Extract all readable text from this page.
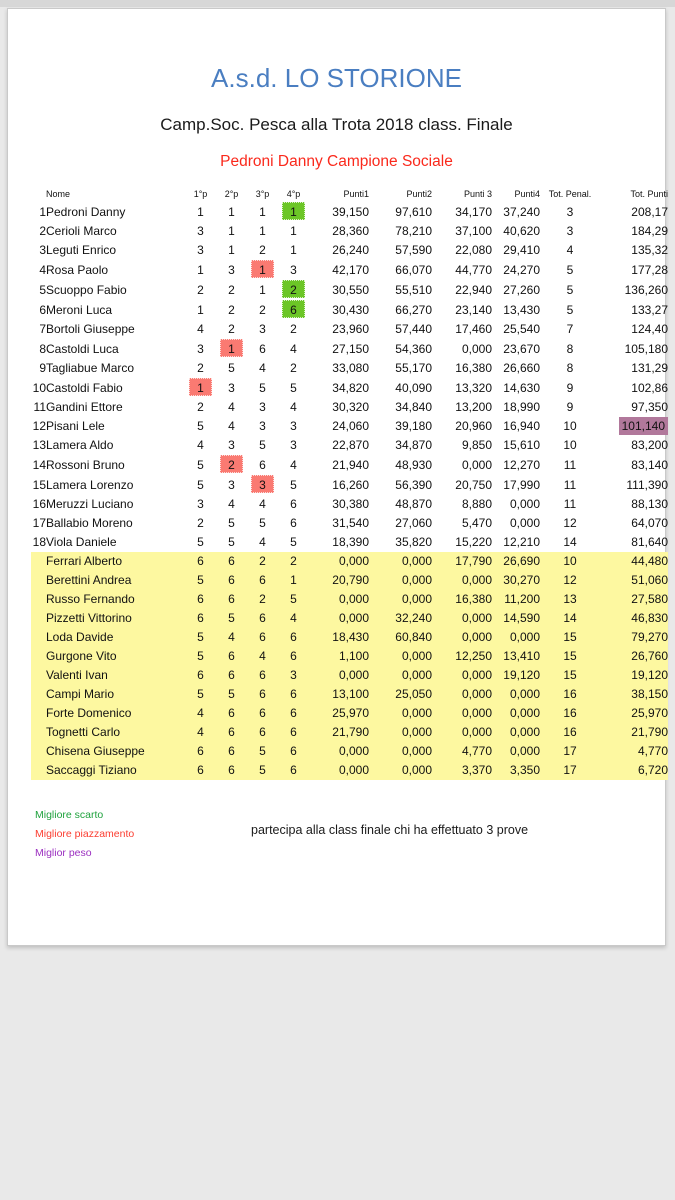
A.s.d. LO STORIONE
Camp.Soc. Pesca alla Trota 2018 class. Finale
Pedroni Danny Campione Sociale
	Nome	1°p	2°p	3°p	4°p	Punti1	Punti2	Punti 3	Punti4	Tot. Penal.	Tot. Punti
1	Pedroni Danny	1	1	1	1	39,150	97,610	34,170	37,240	3	208,17
2	Cerioli Marco	3	1	1	1	28,360	78,210	37,100	40,620	3	184,29
3	Leguti Enrico	3	1	2	1	26,240	57,590	22,080	29,410	4	135,32
4	Rosa Paolo	1	3	1	3	42,170	66,070	44,770	24,270	5	177,28
5	Scuoppo Fabio	2	2	1	2	30,550	55,510	22,940	27,260	5	136,260
6	Meroni Luca	1	2	2	6	30,430	66,270	23,140	13,430	5	133,27
7	Bortoli Giuseppe	4	2	3	2	23,960	57,440	17,460	25,540	7	124,40
8	Castoldi Luca	3	1	6	4	27,150	54,360	0,000	23,670	8	105,180
9	Tagliabue Marco	2	5	4	2	33,080	55,170	16,380	26,660	8	131,29
10	Castoldi Fabio	1	3	5	5	34,820	40,090	13,320	14,630	9	102,86
11	Gandini Ettore	2	4	3	4	30,320	34,840	13,200	18,990	9	97,350
12	Pisani Lele	5	4	3	3	24,060	39,180	20,960	16,940	10	101,140
13	Lamera Aldo	4	3	5	3	22,870	34,870	9,850	15,610	10	83,200
14	Rossoni Bruno	5	2	6	4	21,940	48,930	0,000	12,270	11	83,140
15	Lamera Lorenzo	5	3	3	5	16,260	56,390	20,750	17,990	11	111,390
16	Meruzzi Luciano	3	4	4	6	30,380	48,870	8,880	0,000	11	88,130
17	Ballabio Moreno	2	5	5	6	31,540	27,060	5,470	0,000	12	64,070
18	Viola Daniele	5	5	4	5	18,390	35,820	15,220	12,210	14	81,640
	Ferrari Alberto	6	6	2	2	0,000	0,000	17,790	26,690	10	44,480
	Berettini Andrea	5	6	6	1	20,790	0,000	0,000	30,270	12	51,060
	Russo Fernando	6	6	2	5	0,000	0,000	16,380	11,200	13	27,580
	Pizzetti Vittorino	6	5	6	4	0,000	32,240	0,000	14,590	14	46,830
	Loda Davide	5	4	6	6	18,430	60,840	0,000	0,000	15	79,270
	Gurgone Vito	5	6	4	6	1,100	0,000	12,250	13,410	15	26,760
	Valenti Ivan	6	6	6	3	0,000	0,000	0,000	19,120	15	19,120
	Campi Mario	5	5	6	6	13,100	25,050	0,000	0,000	16	38,150
	Forte Domenico	4	6	6	6	25,970	0,000	0,000	0,000	16	25,970
	Tognetti Carlo	4	6	6	6	21,790	0,000	0,000	0,000	16	21,790
	Chisena Giuseppe	6	6	5	6	0,000	0,000	4,770	0,000	17	4,770
	Saccaggi Tiziano	6	6	5	6	0,000	0,000	3,370	3,350	17	6,720
Migliore scarto
Migliore piazzamento
Miglior peso
partecipa alla class finale chi ha effettuato 3 prove
